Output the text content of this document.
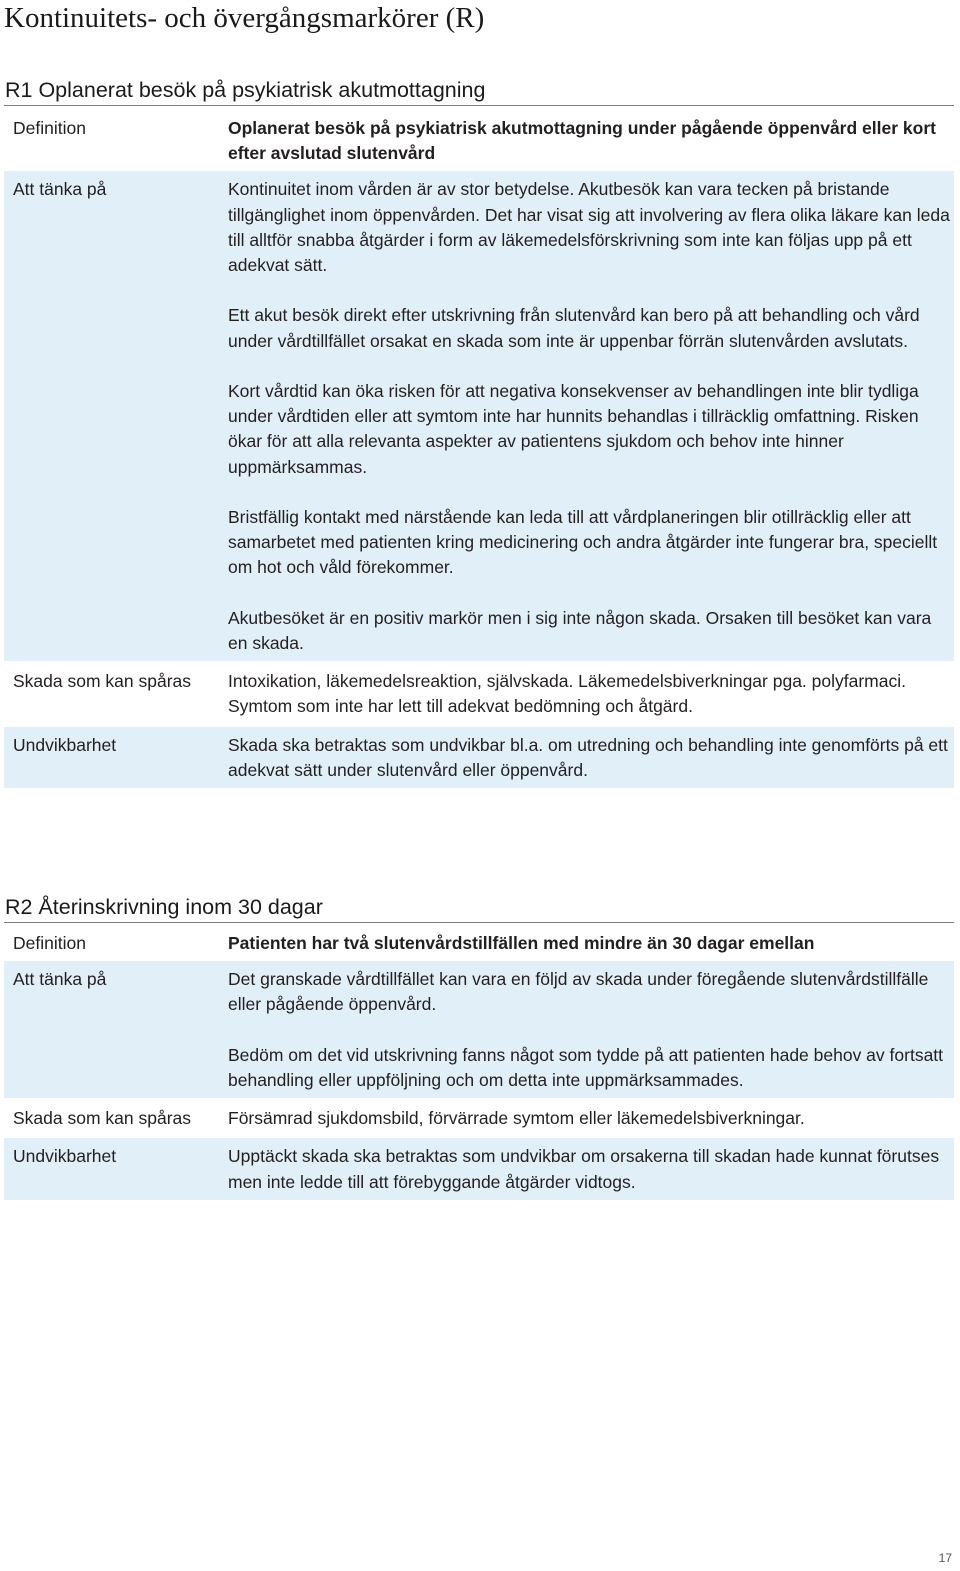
Kontinuitets- och övergångsmarkörer (R)
R1 Oplanerat besök på psykiatrisk akutmottagning
Definition	Oplanerat besök på psykiatrisk akutmottagning under pågående öppenvård eller kort efter avslutad slutenvård

Att tänka på	Kontinuitet inom vården är av stor betydelse. Akutbesök kan vara tecken på bristande tillgänglighet inom öppenvården. Det har visat sig att involvering av flera olika läkare kan leda till alltför snabba åtgärder i form av läkemedelsförskrivning som inte kan följas upp på ett adekvat sätt.

Ett akut besök direkt efter utskrivning från slutenvård kan bero på att behandling och vård under vårdtillfället orsakat en skada som inte är uppenbar förrän slutenvården avslutats.

Kort vårdtid kan öka risken för att negativa konsekvenser av behandlingen inte blir tydliga under vårdtiden eller att symtom inte har hunnits behandlas i tillräcklig omfattning. Risken ökar för att alla relevanta aspekter av patientens sjukdom och behov inte hinner uppmärksammas.

Bristfällig kontakt med närstående kan leda till att vårdplaneringen blir otillräcklig eller att samarbetet med patienten kring medicinering och andra åtgärder inte fungerar bra, speciellt om hot och våld förekommer.

Akutbesöket är en positiv markör men i sig inte någon skada. Orsaken till besöket kan vara en skada.

Skada som kan spåras	Intoxikation, läkemedelsreaktion, självskada. Läkemedelsbiverkningar pga. polyfarmaci. Symtom som inte har lett till adekvat bedömning och åtgärd.

Undvikbarhet	Skada ska betraktas som undvikbar bl.a. om utredning och behandling inte genomförts på ett adekvat sätt under slutenvård eller öppenvård.

R2 Återinskrivning inom 30 dagar
Definition	Patienten har två slutenvårdstillfällen med mindre än 30 dagar emellan

Att tänka på	Det granskade vårdtillfället kan vara en följd av skada under föregående slutenvårdstillfälle eller pågående öppenvård.

Bedöm om det vid utskrivning fanns något som tydde på att patienten hade behov av fortsatt behandling eller uppföljning och om detta inte uppmärksammades.

Skada som kan spåras	Försämrad sjukdomsbild, förvärrade symtom eller läkemedelsbiverkningar.

Undvikbarhet	Upptäckt skada ska betraktas som undvikbar om orsakerna till skadan hade kunnat förutses men inte ledde till att förebyggande åtgärder vidtogs.

17
